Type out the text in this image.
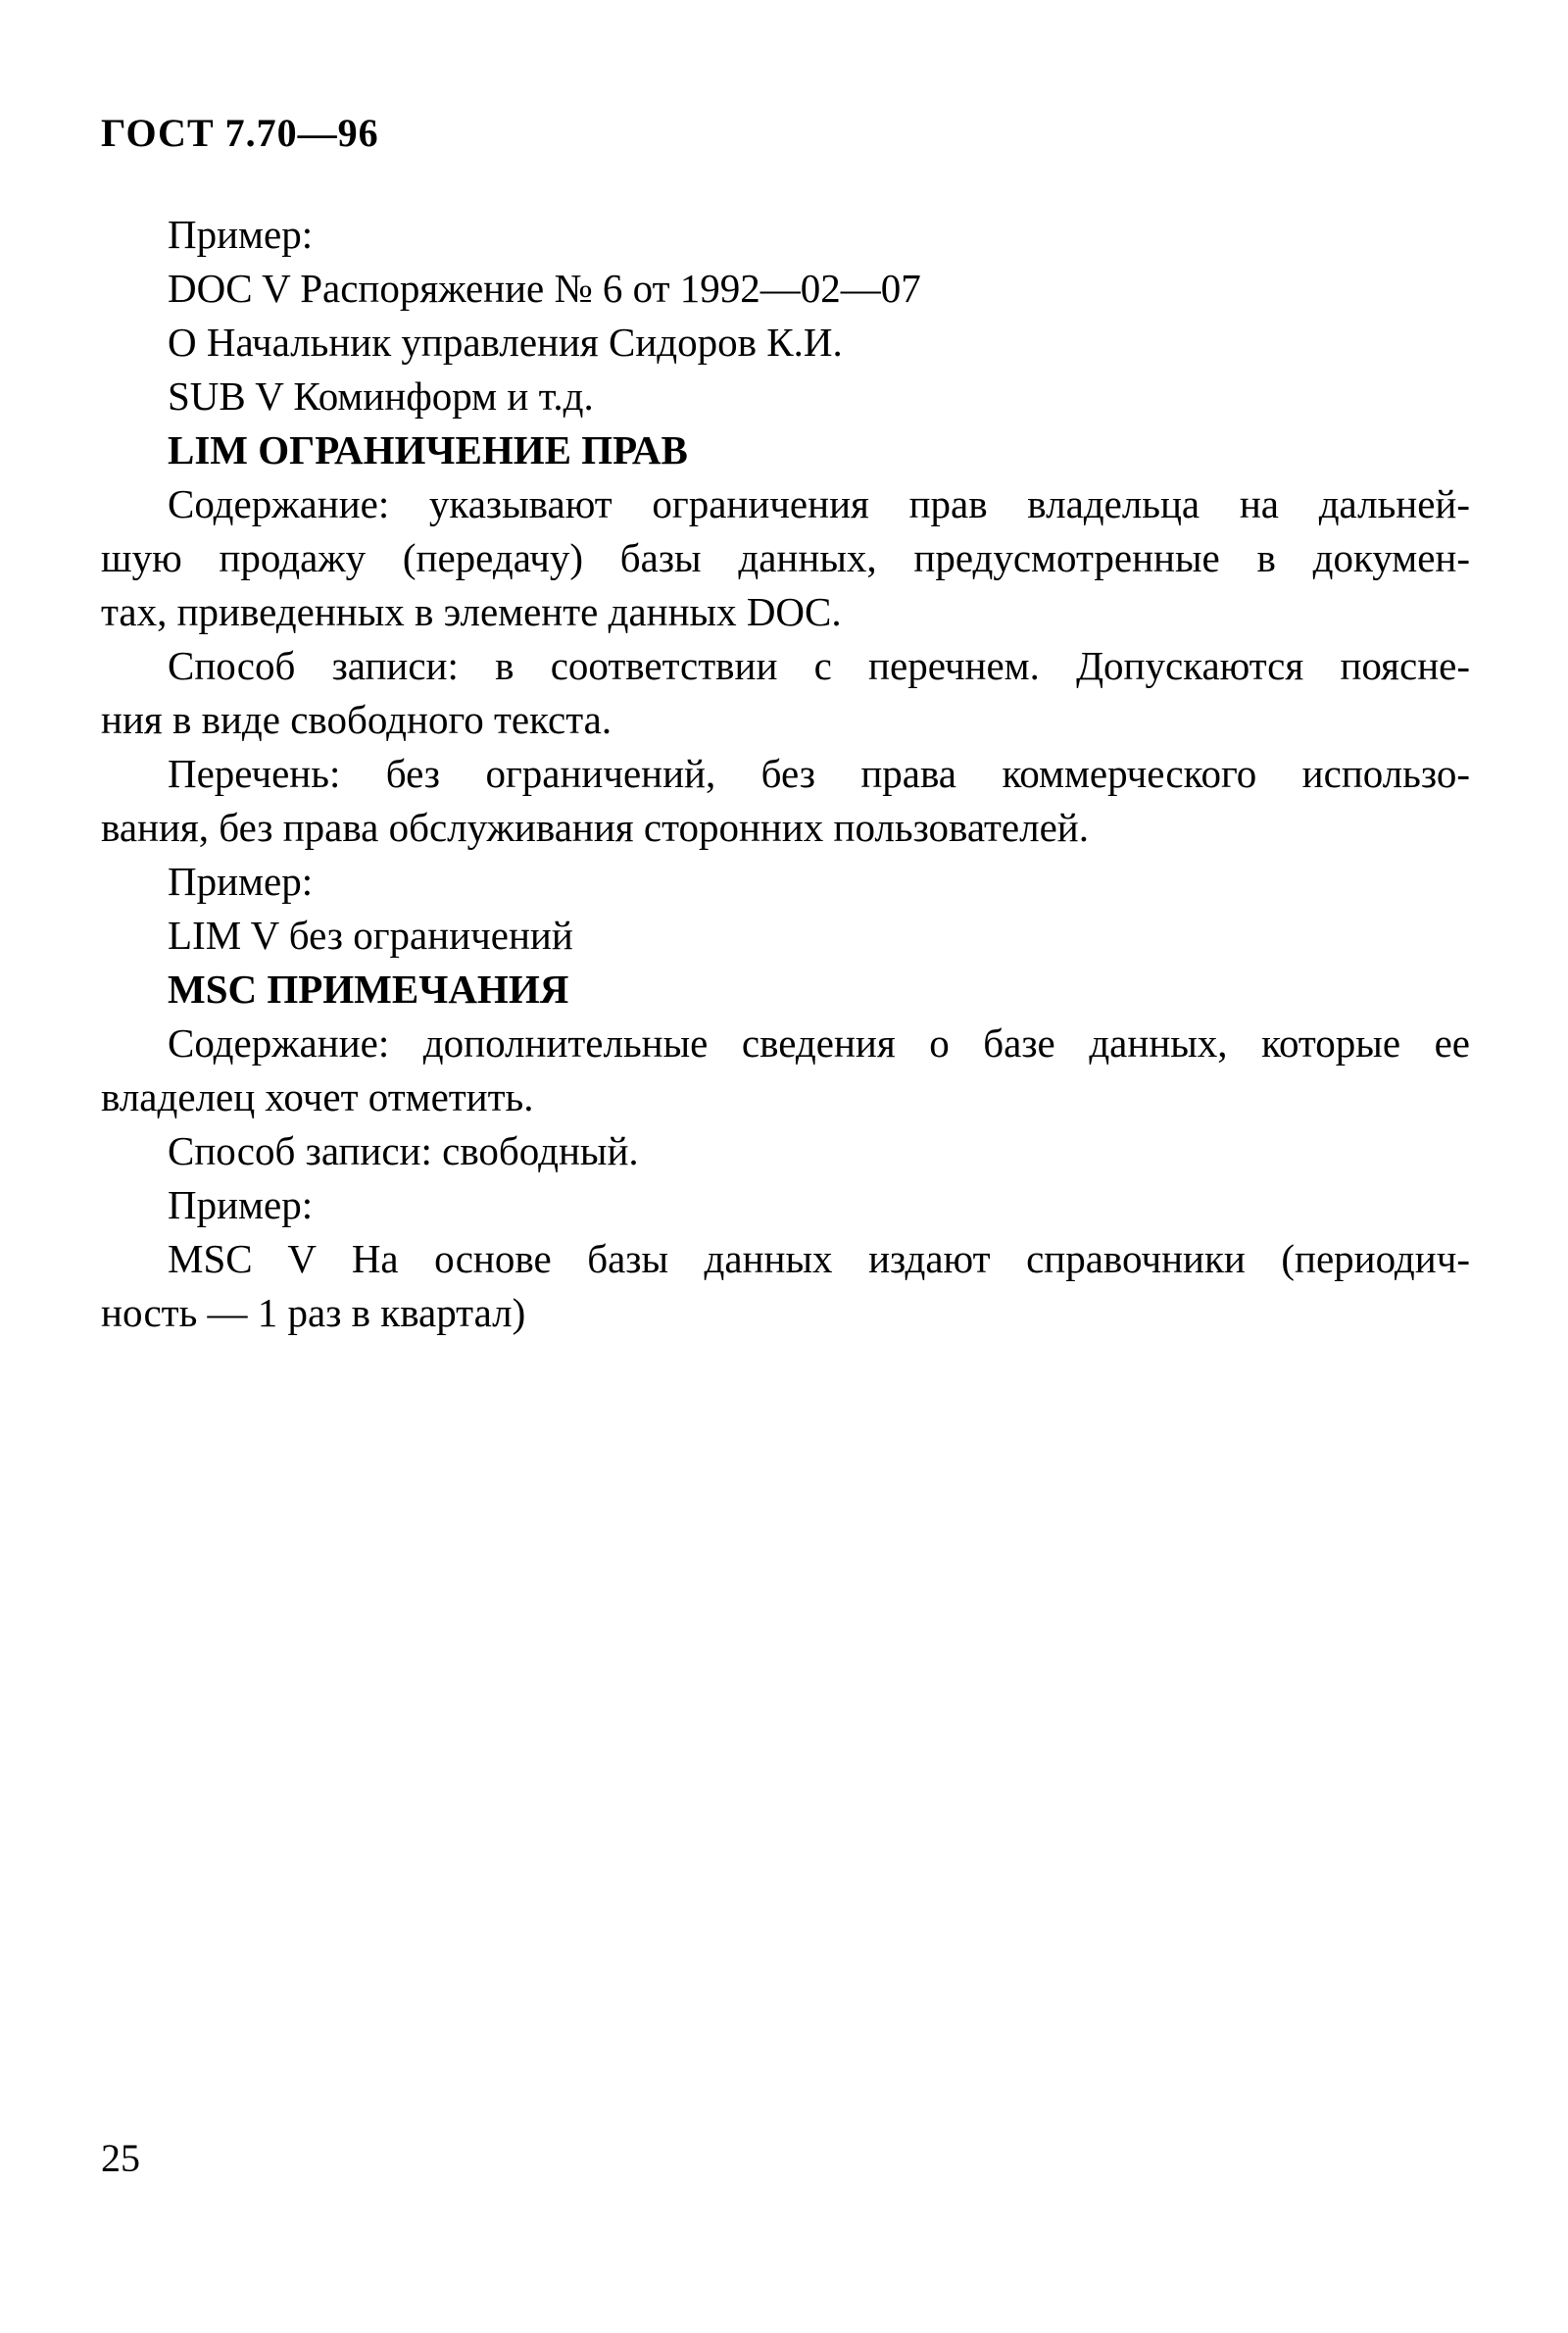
ГОСТ 7.70—96
Пример:
DOC V Распоряжение № 6 от 1992—02—07
O Начальник управления Сидоров К.И.
SUB V Коминформ и т.д.
LIM ОГРАНИЧЕНИЕ ПРАВ
Содержание: указывают ограничения прав владельца на дальней-
шую продажу (передачу) базы данных, предусмотренные в докумен-
тах, приведенных в элементе данных DOC.
Способ записи: в соответствии с перечнем. Допускаются поясне-
ния в виде свободного текста.
Перечень: без ограничений, без права коммерческого использо-
вания, без права обслуживания сторонних пользователей.
Пример:
LIM V без ограничений
MSC ПРИМЕЧАНИЯ
Содержание: дополнительные сведения о базе данных, которые ее
владелец хочет отметить.
Способ записи: свободный.
Пример:
MSC V На основе базы данных издают справочники (периодич-
ность — 1 раз в квартал)
25
